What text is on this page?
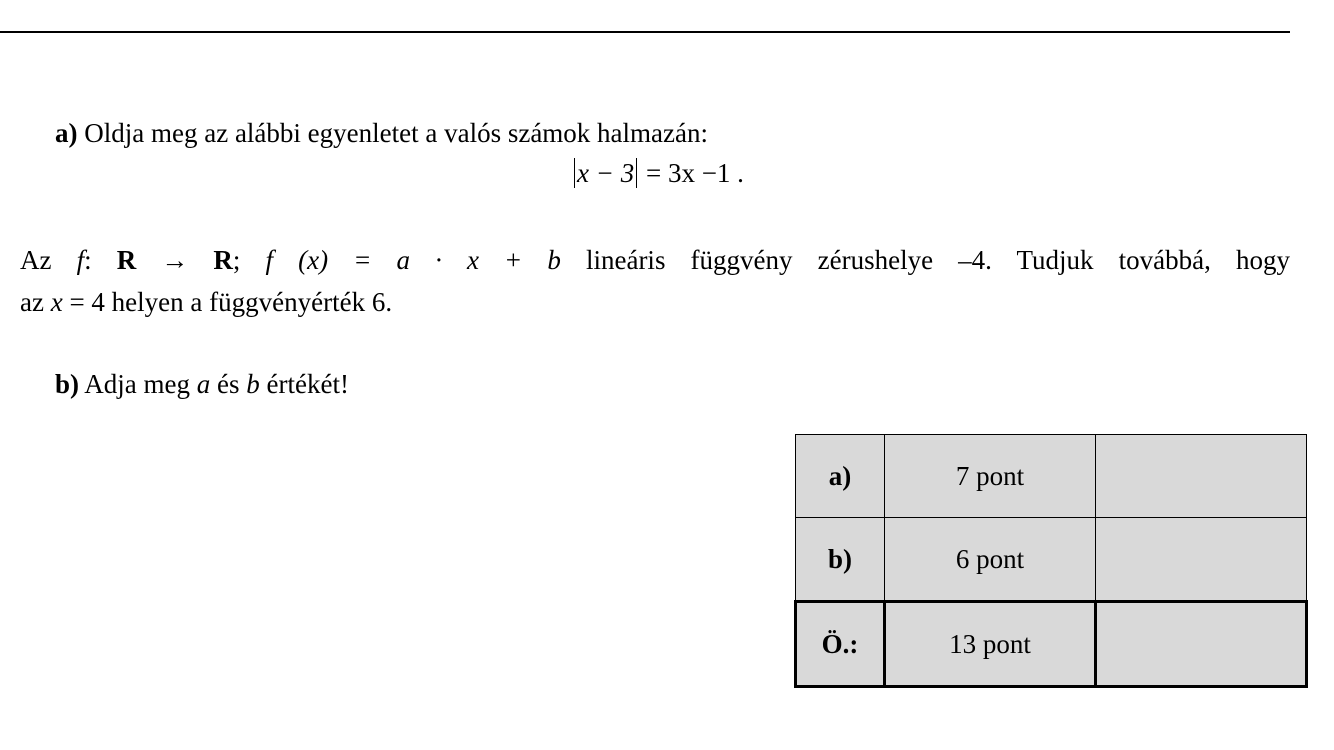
a) Oldja meg az alábbi egyenletet a valós számok halmazán:
x − 3 = 3x −1 .
Az f: R → R; f (x) = a · x + b lineáris függvény zérushelye –4. Tudjuk továbbá, hogy
az x = 4 helyen a függvényérték 6.
b) Adja meg a és b értékét!
a)	7 pont	
b)	6 pont	
Ö.:	13 pont	
